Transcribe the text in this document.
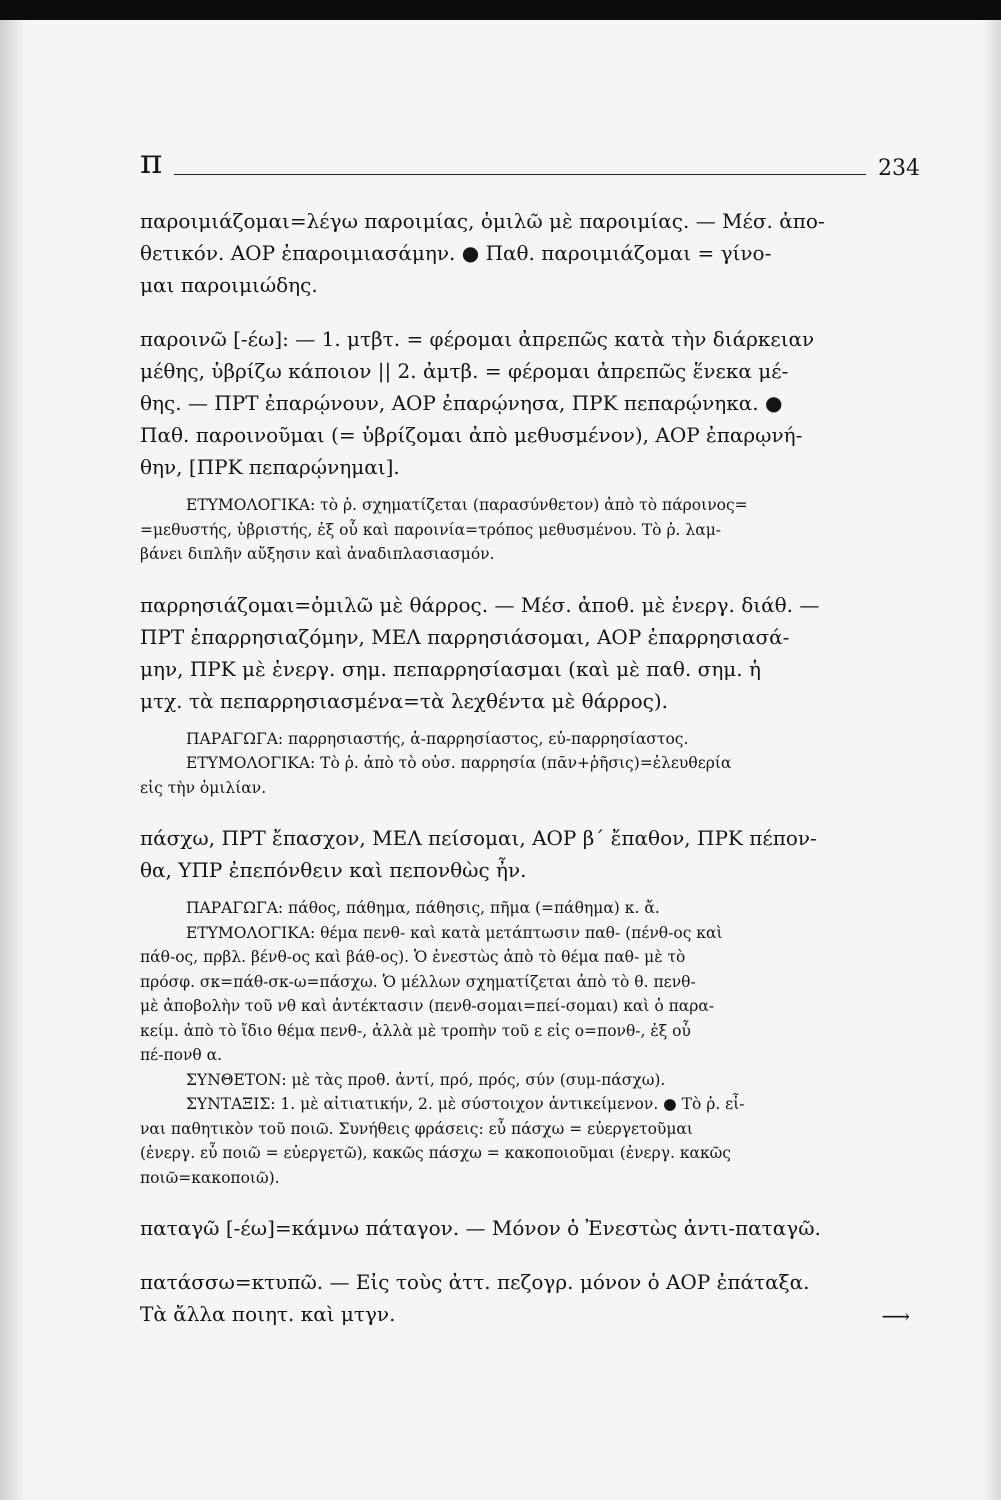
π	234
παροιμιάζομαι=λέγω παροιμίας, ὁμιλῶ μὲ παροιμίας. — Μέσ. ἀπο-
θετικόν. ΑΟΡ ἐπαροιμιασάμην. ● Παθ. παροιμιάζομαι = γίνο-
μαι παροιμιώδης.
παροινῶ [-έω]: — 1. μτβτ. = φέρομαι ἀπρεπῶς κατὰ τὴν διάρκειαν
μέθης, ὑβρίζω κάποιον || 2. ἀμτβ. = φέρομαι ἀπρεπῶς ἕνεκα μέ-
θης. — ΠΡΤ ἐπαρῴνουν, ΑΟΡ ἐπαρῴνησα, ΠΡΚ πεπαρῴνηκα. ●
Παθ. παροινοῦμαι (= ὑβρίζομαι ἀπὸ μεθυσμένον), ΑΟΡ ἐπαρῳνή-
θην, [ΠΡΚ πεπαρῴνημαι].
ΕΤΥΜΟΛΟΓΙΚΑ: τὸ ῥ. σχηματίζεται (παρασύνθετον) ἀπὸ τὸ πάροινος=
=μεθυστής, ὑβριστής, ἐξ οὗ καὶ παροινία=τρόπος μεθυσμένου. Τὸ ῥ. λαμ-
βάνει διπλῆν αὔξησιν καὶ ἀναδιπλασιασμόν.
παρρησιάζομαι=ὁμιλῶ μὲ θάρρος. — Μέσ. ἀποθ. μὲ ἐνεργ. διάθ. —
ΠΡΤ ἐπαρρησιαζόμην, ΜΕΛ παρρησιάσομαι, ΑΟΡ ἐπαρρησιασά-
μην, ΠΡΚ μὲ ἐνεργ. σημ. πεπαρρησίασμαι (καὶ μὲ παθ. σημ. ἡ
μτχ. τὰ πεπαρρησιασμένα=τὰ λεχθέντα μὲ θάρρος).
ΠΑΡΑΓΩΓΑ: παρρησιαστής, ἀ-παρρησίαστος, εὐ-παρρησίαστος.
ΕΤΥΜΟΛΟΓΙΚΑ: Τὸ ῥ. ἀπὸ τὸ οὐσ. παρρησία (πᾶν+ῥῆσις)=ἐλευθερία
εἰς τὴν ὁμιλίαν.
πάσχω, ΠΡΤ ἔπασχον, ΜΕΛ πείσομαι, ΑΟΡ β΄ ἔπαθον, ΠΡΚ πέπον-
θα, ΥΠΡ ἐπεπόνθειν καὶ πεπονθὼς ἦν.
ΠΑΡΑΓΩΓΑ: πάθος, πάθημα, πάθησις, πῆμα (=πάθημα) κ. ἄ.
ΕΤΥΜΟΛΟΓΙΚΑ: θέμα πενθ- καὶ κατὰ μετάπτωσιν παθ- (πένθ-ος καὶ
πάθ-ος, πρβλ. βένθ-ος καὶ βάθ-ος). Ὁ ἐνεστὼς ἀπὸ τὸ θέμα παθ- μὲ τὸ
πρόσφ. σκ=πάθ-σκ-ω=πάσχω. Ὁ μέλλων σχηματίζεται ἀπὸ τὸ θ. πενθ-
μὲ ἀποβολὴν τοῦ νθ καὶ ἀντέκτασιν (πενθ-σομαι=πεί-σομαι) καὶ ὁ παρα-
κείμ. ἀπὸ τὸ ἴδιο θέμα πενθ-, ἀλλὰ μὲ τροπὴν τοῦ ε εἰς ο=πονθ-, ἐξ οὗ
πέ-πονθ α.
ΣΥΝΘΕΤΟΝ: μὲ τὰς προθ. ἀντί, πρό, πρός, σύν (συμ-πάσχω).
ΣΥΝΤΑΞΙΣ: 1. μὲ αἰτιατικήν, 2. μὲ σύστοιχον ἀντικείμενον. ● Τὸ ῥ. εἶ-
ναι παθητικὸν τοῦ ποιῶ. Συνήθεις φράσεις: εὖ πάσχω = εὐεργετοῦμαι
(ἐνεργ. εὖ ποιῶ = εὐεργετῶ), κακῶς πάσχω = κακοποιοῦμαι (ἐνεργ. κακῶς
ποιῶ=κακοποιῶ).
παταγῶ [-έω]=κάμνω πάταγον. — Μόνον ὁ Ἐνεστὼς ἀντι-παταγῶ.
πατάσσω=κτυπῶ. — Εἰς τοὺς ἀττ. πεζογρ. μόνον ὁ ΑΟΡ ἐπάταξα.
Τὰ ἄλλα ποιητ. καὶ μτγν.	⟶
